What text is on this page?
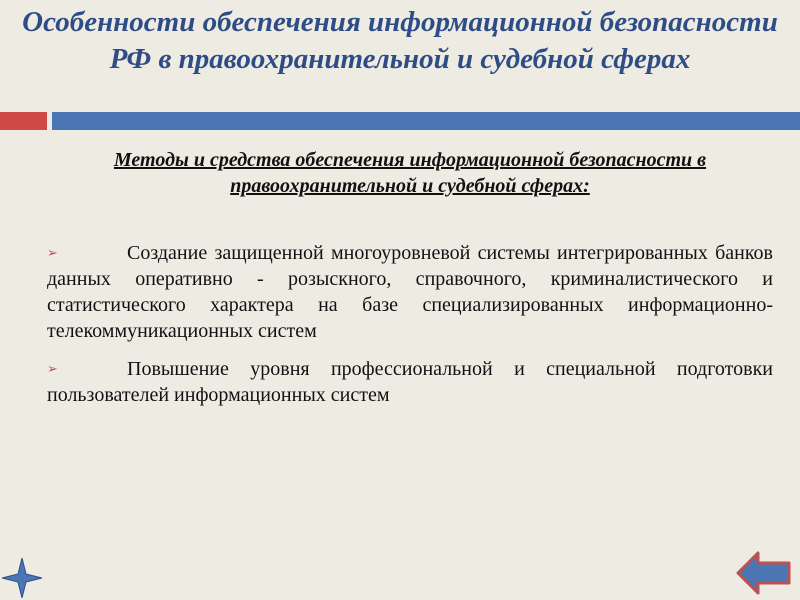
Особенности обеспечения информационной безопасности РФ в правоохранительной и судебной сферах
Методы и средства обеспечения информационной безопасности в правоохранительной и судебной сферах:
➢	Создание защищенной многоуровневой системы интегрированных банков данных оперативно - розыскного, справочного, криминалистического и статистического характера на базе специализированных информационно-телекоммуникационных систем
➢	Повышение уровня профессиональной и специальной подготовки пользователей информационных систем
